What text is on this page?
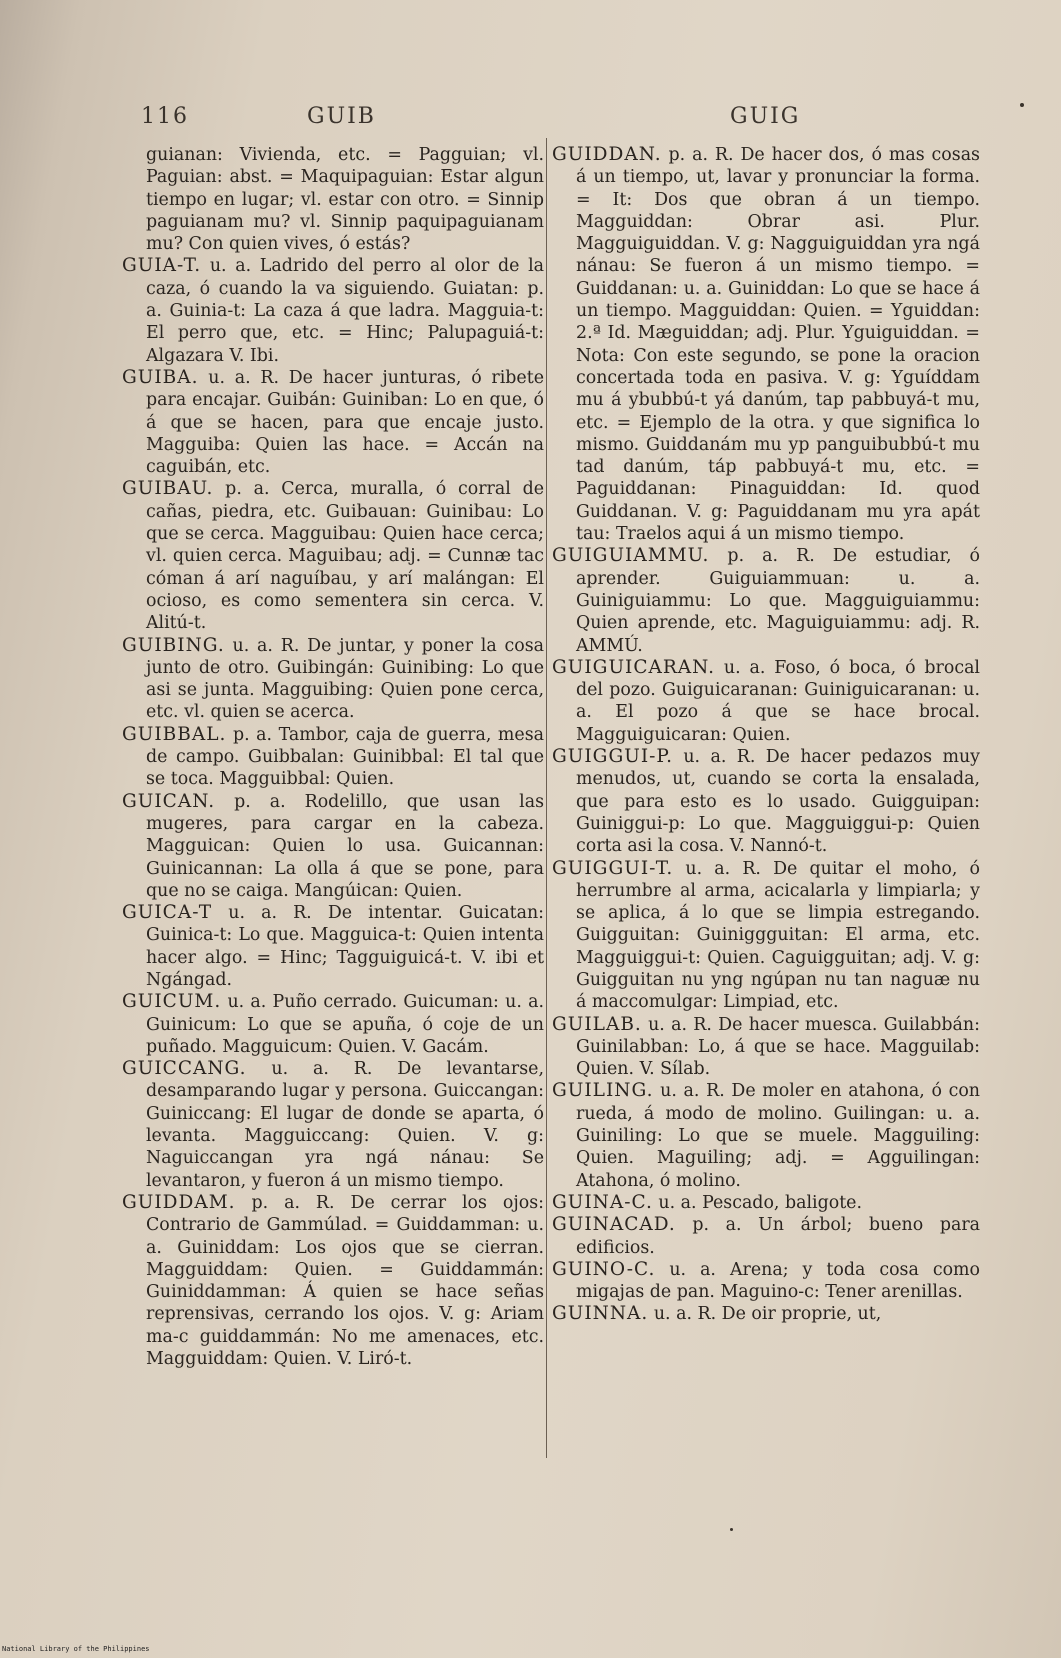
116	GUIB	GUIG

guianan: Vivienda, etc. = Pagguian; vl. Paguian: abst. = Maquipaguian: Estar algun tiempo en lugar; vl. estar con otro. = Sinnip paguianam mu? vl. Sinnip paquipaguianam mu? Con quien vives, ó estás?

GUIA-T. u. a. Ladrido del perro al olor de la caza, ó cuando la va siguiendo. Guiatan: p. a. Guinia-t: La caza á que ladra. Magguia-t: El perro que, etc. = Hinc; Palupaguiá-t: Algazara V. Ibi.

GUIBA. u. a. R. De hacer junturas, ó ribete para encajar. Guibán: Guiniban: Lo en que, ó á que se hacen, para que encaje justo. Magguiba: Quien las hace. = Accán na caguibán, etc.

GUIBAU. p. a. Cerca, muralla, ó corral de cañas, piedra, etc. Guibauan: Guinibau: Lo que se cerca. Magguibau: Quien hace cerca; vl. quien cerca. Maguibau; adj. = Cunnæ tac cóman á arí naguíbau, y arí malángan: El ocioso, es como sementera sin cerca. V. Alitú-t.

GUIBING. u. a. R. De juntar, y poner la cosa junto de otro. Guibingán: Guinibing: Lo que asi se junta. Magguibing: Quien pone cerca, etc. vl. quien se acerca.

GUIBBAL. p. a. Tambor, caja de guerra, mesa de campo. Guibbalan: Guinibbal: El tal que se toca. Magguibbal: Quien.

GUICAN. p. a. Rodelillo, que usan las mugeres, para cargar en la cabeza. Magguican: Quien lo usa. Guicannan: Guinicannan: La olla á que se pone, para que no se caiga. Mangúican: Quien.

GUICA-T u. a. R. De intentar. Guicatan: Guinica-t: Lo que. Magguica-t: Quien intenta hacer algo. = Hinc; Tagguiguicá-t. V. ibi et Ngángad.

GUICUM. u. a. Puño cerrado. Guicuman: u. a. Guinicum: Lo que se apuña, ó coje de un puñado. Magguicum: Quien. V. Gacám.

GUICCANG. u. a. R. De levantarse, desamparando lugar y persona. Guiccangan: Guiniccang: El lugar de donde se aparta, ó levanta. Magguiccang: Quien. V. g: Naguiccangan yra ngá nánau: Se levantaron, y fueron á un mismo tiempo.

GUIDDAM. p. a. R. De cerrar los ojos: Contrario de Gammúlad. = Guiddamman: u. a. Guiniddam: Los ojos que se cierran. Magguiddam: Quien. = Guiddammán: Guiniddamman: Á quien se hace señas reprensivas, cerrando los ojos. V. g: Ariam ma-c guiddammán: No me amenaces, etc. Magguiddam: Quien. V. Liró-t.

GUIDDAN. p. a. R. De hacer dos, ó mas cosas á un tiempo, ut, lavar y pronunciar la forma. = It: Dos que obran á un tiempo. Magguiddan: Obrar asi. Plur. Magguiguiddan. V. g: Nagguiguiddan yra ngá nánau: Se fueron á un mismo tiempo. = Guiddanan: u. a. Guiniddan: Lo que se hace á un tiempo. Magguiddan: Quien. = Yguiddan: 2.ª Id. Mæguiddan; adj. Plur. Yguiguiddan. = Nota: Con este segundo, se pone la oracion concertada toda en pasiva. V. g: Yguíddam mu á ybubbú-t yá danúm, tap pabbuyá-t mu, etc. = Ejemplo de la otra. y que significa lo mismo. Guiddanám mu yp panguibubbú-t mu tad danúm, táp pabbuyá-t mu, etc. = Paguiddanan: Pinaguiddan: Id. quod Guiddanan. V. g: Paguiddanam mu yra apát tau: Traelos aqui á un mismo tiempo.

GUIGUIAMMU. p. a. R. De estudiar, ó aprender. Guiguiammuan: u. a. Guiniguiammu: Lo que. Magguiguiammu: Quien aprende, etc. Maguiguiammu: adj. R. AMMÚ.

GUIGUICARAN. u. a. Foso, ó boca, ó brocal del pozo. Guiguicaranan: Guiniguicaranan: u. a. El pozo á que se hace brocal. Magguiguicaran: Quien.

GUIGGUI-P. u. a. R. De hacer pedazos muy menudos, ut, cuando se corta la ensalada, que para esto es lo usado. Guigguipan: Guiniggui-p: Lo que. Magguiggui-p: Quien corta asi la cosa. V. Nannó-t.

GUIGGUI-T. u. a. R. De quitar el moho, ó herrumbre al arma, acicalarla y limpiarla; y se aplica, á lo que se limpia estregando. Guigguitan: Guiniggguitan: El arma, etc. Magguiggui-t: Quien. Caguigguitan; adj. V. g: Guigguitan nu yng ngúpan nu tan naguæ nu á maccomulgar: Limpiad, etc.

GUILAB. u. a. R. De hacer muesca. Guilabbán: Guinilabban: Lo, á que se hace. Magguilab: Quien. V. Sílab.

GUILING. u. a. R. De moler en atahona, ó con rueda, á modo de molino. Guilingan: u. a. Guiniling: Lo que se muele. Magguiling: Quien. Maguiling; adj. = Agguilingan: Atahona, ó molino.

GUINA-C. u. a. Pescado, baligote.

GUINACAD. p. a. Un árbol; bueno para edificios.

GUINO-C. u. a. Arena; y toda cosa como migajas de pan. Maguino-c: Tener arenillas.

GUINNA. u. a. R. De oir proprie, ut,

National Library of the Philippines
